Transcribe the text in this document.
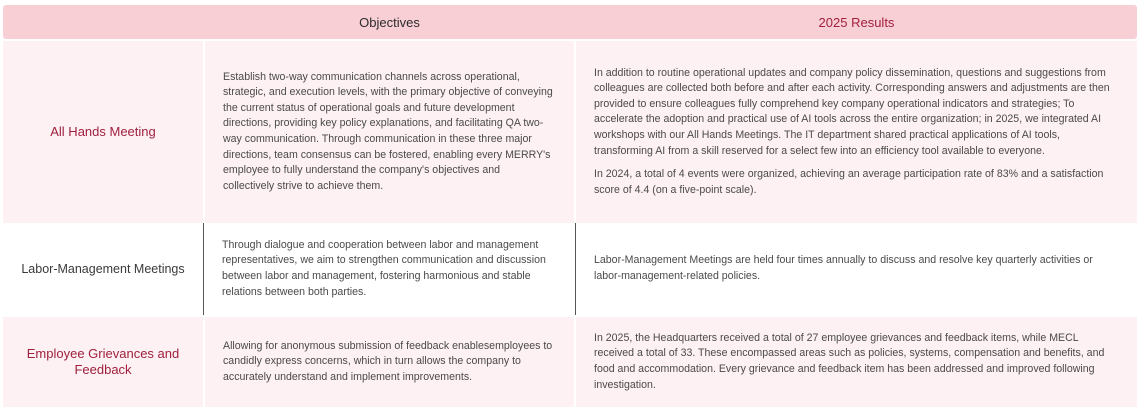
Objectives	2025 Results
All Hands Meeting
Establish two-way communication channels across operational, strategic, and execution levels, with the primary objective of conveying the current status of operational goals and future development directions, providing key policy explanations, and facilitating QA two-way communication. Through communication in these three major directions, team consensus can be fostered, enabling every MERRY's employee to fully understand the company's objectives and collectively strive to achieve them.

In addition to routine operational updates and company policy dissemination, questions and suggestions from colleagues are collected both before and after each activity. Corresponding answers and adjustments are then provided to ensure colleagues fully comprehend key company operational indicators and strategies; To accelerate the adoption and practical use of AI tools across the entire organization; in 2025, we integrated AI workshops with our All Hands Meetings. The IT department shared practical applications of AI tools, transforming AI from a skill reserved for a select few into an efficiency tool available to everyone.

In 2024, a total of 4 events were organized, achieving an average participation rate of 83% and a satisfaction score of 4.4 (on a five-point scale).

Labor-Management Meetings
Through dialogue and cooperation between labor and management representatives, we aim to strengthen communication and discussion between labor and management, fostering harmonious and stable relations between both parties.

Labor-Management Meetings are held four times annually to discuss and resolve key quarterly activities or labor-management-related policies.

Employee Grievances and Feedback
Allowing for anonymous submission of feedback enablesemployees to candidly express concerns, which in turn allows the company to accurately understand and implement improvements.

In 2025, the Headquarters received a total of 27 employee grievances and feedback items, while MECL received a total of 33. These encompassed areas such as policies, systems, compensation and benefits, and food and accommodation. Every grievance and feedback item has been addressed and improved following investigation.
